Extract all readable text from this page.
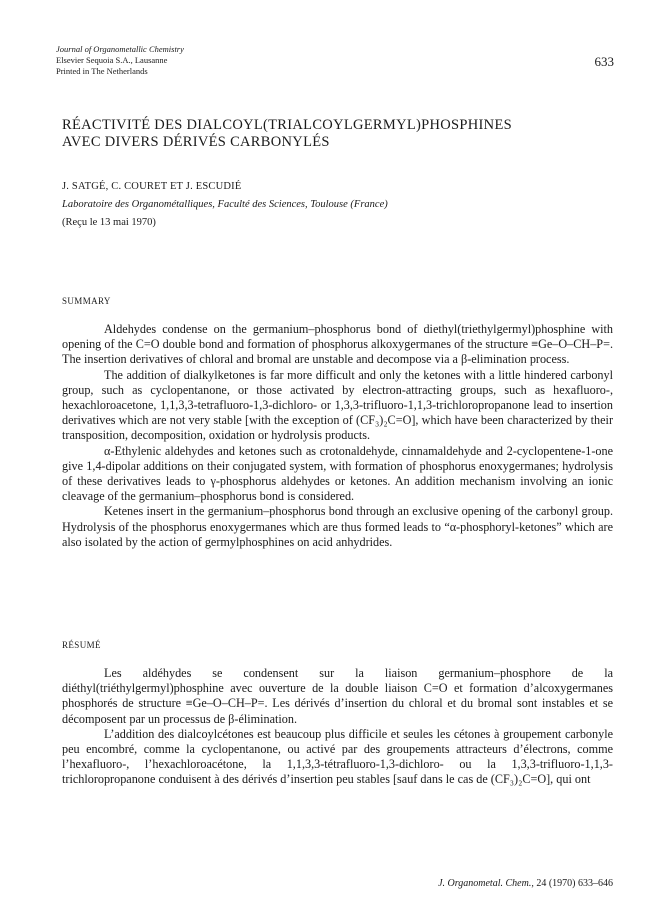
Journal of Organometallic Chemistry
Elsevier Sequoia S.A., Lausanne
Printed in The Netherlands
633
RÉACTIVITÉ DES DIALCOYL(TRIALCOYLGERMYL)PHOSPHINES
AVEC DIVERS DÉRIVÉS CARBONYLÉS
J. SATGÉ, C. COURET ET J. ESCUDIÉ
Laboratoire des Organométalliques, Faculté des Sciences, Toulouse (France)
(Reçu le 13 mai 1970)
SUMMARY

Aldehydes condense on the germanium–phosphorus bond of diethyl(triethylgermyl)phosphine with opening of the C=O double bond and formation of phosphorus alkoxygermanes of the structure ≡Ge–O–CH–P=. The insertion derivatives of chloral and bromal are unstable and decompose via a β-elimination process.

The addition of dialkylketones is far more difficult and only the ketones with a little hindered carbonyl group, such as cyclopentanone, or those activated by electron-attracting groups, such as hexafluoro-, hexachloroacetone, 1,1,3,3-tetrafluoro-1,3-dichloro- or 1,3,3-trifluoro-1,1,3-trichloropropanone lead to insertion derivatives which are not very stable [with the exception of (CF₃)₂C=O], which have been characterized by their transposition, decomposition, oxidation or hydrolysis products.

α-Ethylenic aldehydes and ketones such as crotonaldehyde, cinnamaldehyde and 2-cyclopentene-1-one give 1,4-dipolar additions on their conjugated system, with formation of phosphorus enoxygermanes; hydrolysis of these derivatives leads to γ-phosphorus aldehydes or ketones. An addition mechanism involving an ionic cleavage of the germanium–phosphorus bond is considered.

Ketenes insert in the germanium–phosphorus bond through an exclusive opening of the carbonyl group. Hydrolysis of the phosphorus enoxygermanes which are thus formed leads to “α-phosphoryl-ketones” which are also isolated by the action of germylphosphines on acid anhydrides.

RÉSUMÉ

Les aldéhydes se condensent sur la liaison germanium–phosphore de la diéthyl(triéthylgermyl)phosphine avec ouverture de la double liaison C=O et formation d’alcoxygermanes phosphorés de structure ≡Ge–O–CH–P=. Les dérivés d’insertion du chloral et du bromal sont instables et se décomposent par un processus de β-élimination.

L’addition des dialcoylcétones est beaucoup plus difficile et seules les cétones à groupement carbonyle peu encombré, comme la cyclopentanone, ou activé par des groupements attracteurs d’électrons, comme l’hexafluoro-, l’hexachloroacétone, la 1,1,3,3-tétrafluoro-1,3-dichloro- ou la 1,3,3-trifluoro-1,1,3-trichloropropanone conduisent à des dérivés d’insertion peu stables [sauf dans le cas de (CF₃)₂C=O], qui ont

J. Organometal. Chem., 24 (1970) 633–646
